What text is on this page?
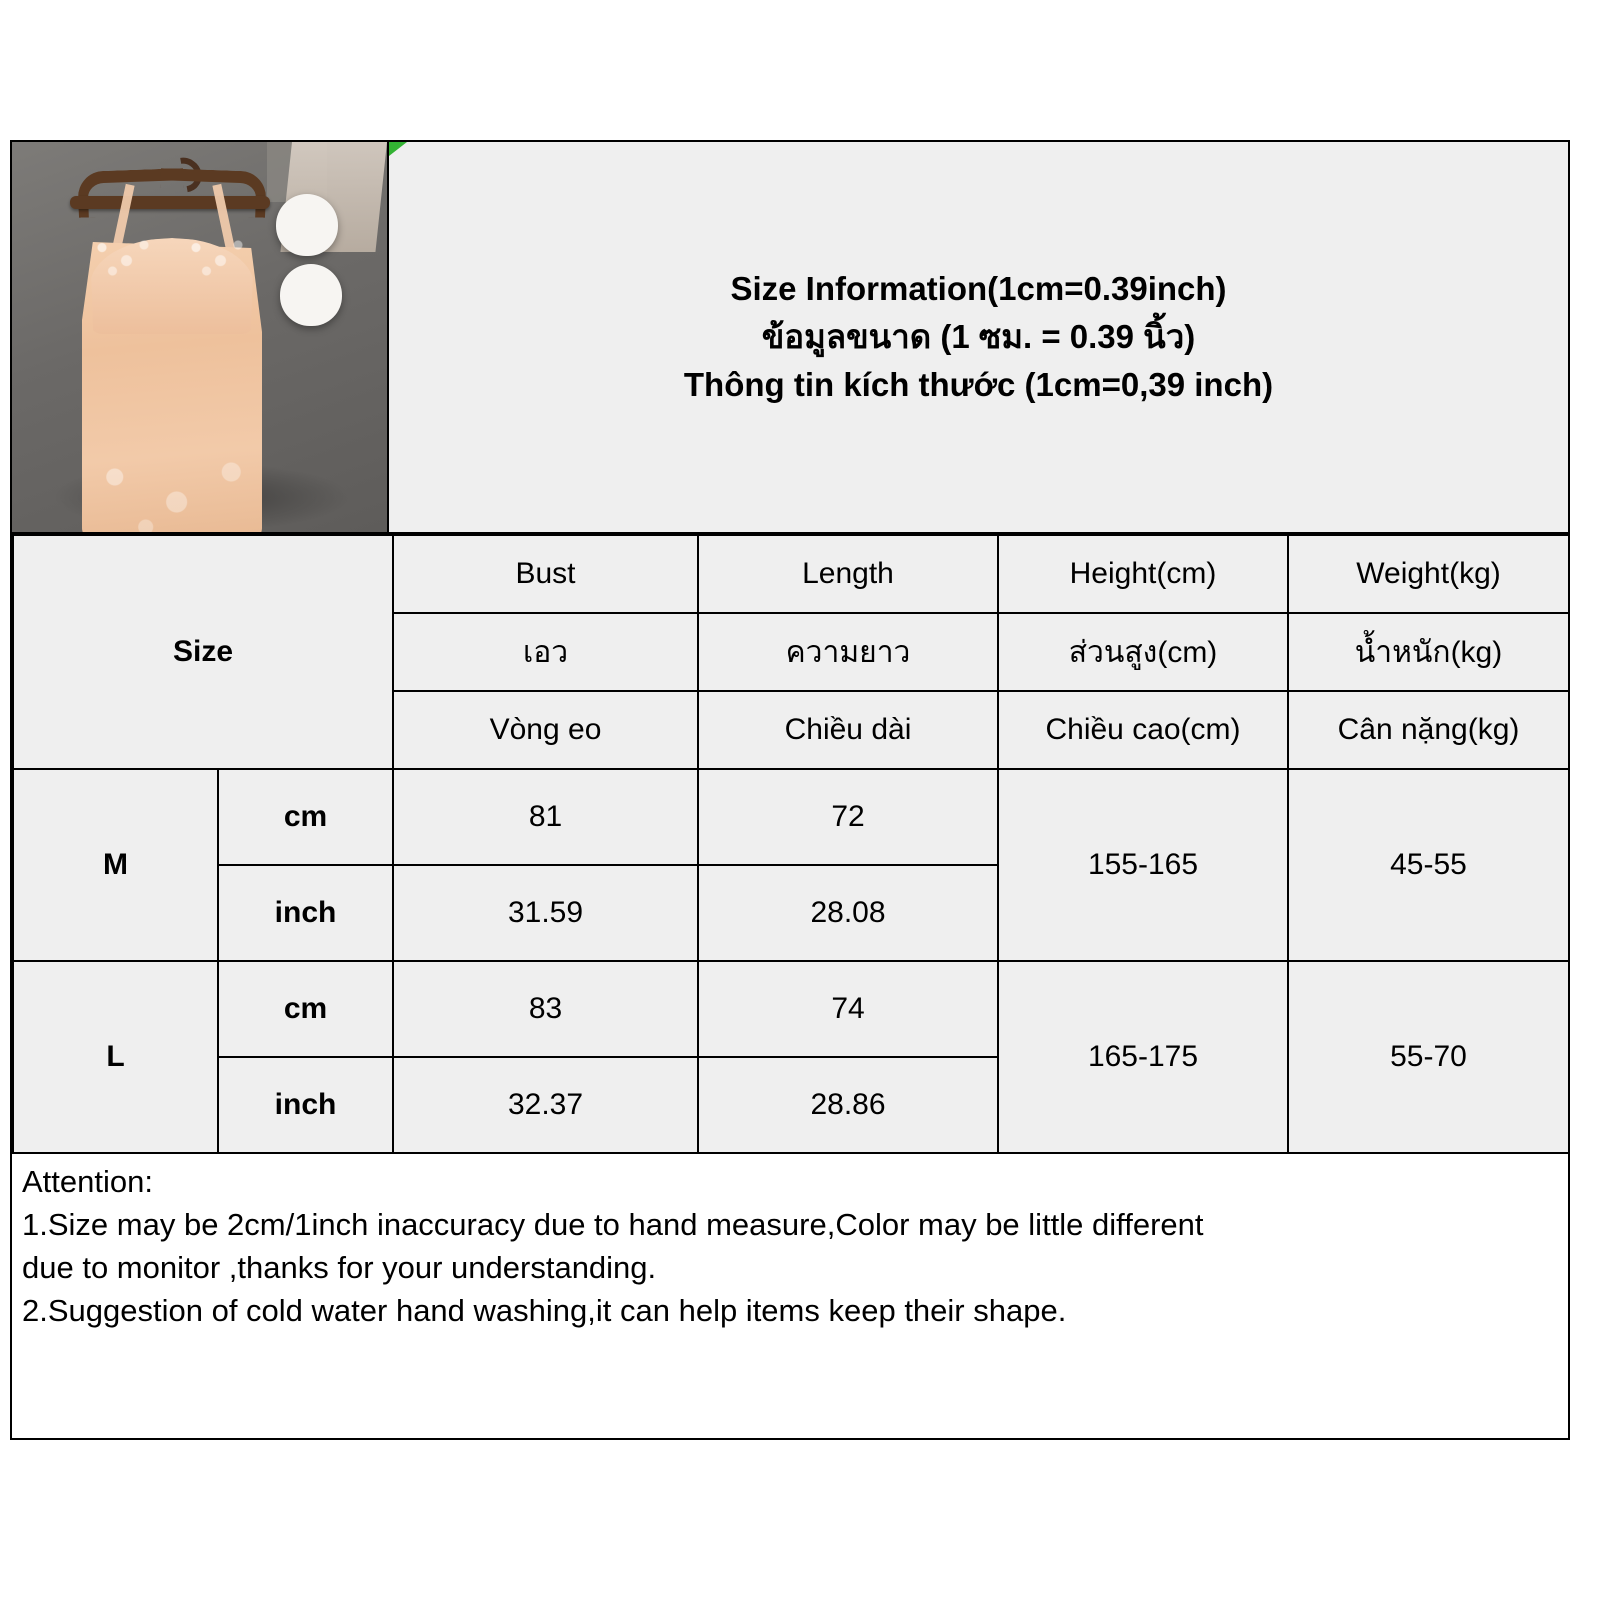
Size Information(1cm=0.39inch)
ข้อมูลขนาด (1 ซม. = 0.39 นิ้ว)
Thông tin kích thước (1cm=0,39 inch)
Size		Bust	Length	Height(cm)	Weight(kg)
		เอว	ความยาว	ส่วนสูง(cm)	น้ำหนัก(kg)
		Vòng eo	Chiều dài	Chiều cao(cm)	Cân nặng(kg)
M	cm	81	72	155-165	45-55
	inch	31.59	28.08		
L	cm	83	74	165-175	55-70
	inch	32.37	28.86		

Attention:

1.Size may be 2cm/1inch inaccuracy due to hand measure,Color may be little different

due to monitor ,thanks for your understanding.

2.Suggestion of cold water hand washing,it can help items keep their shape.
